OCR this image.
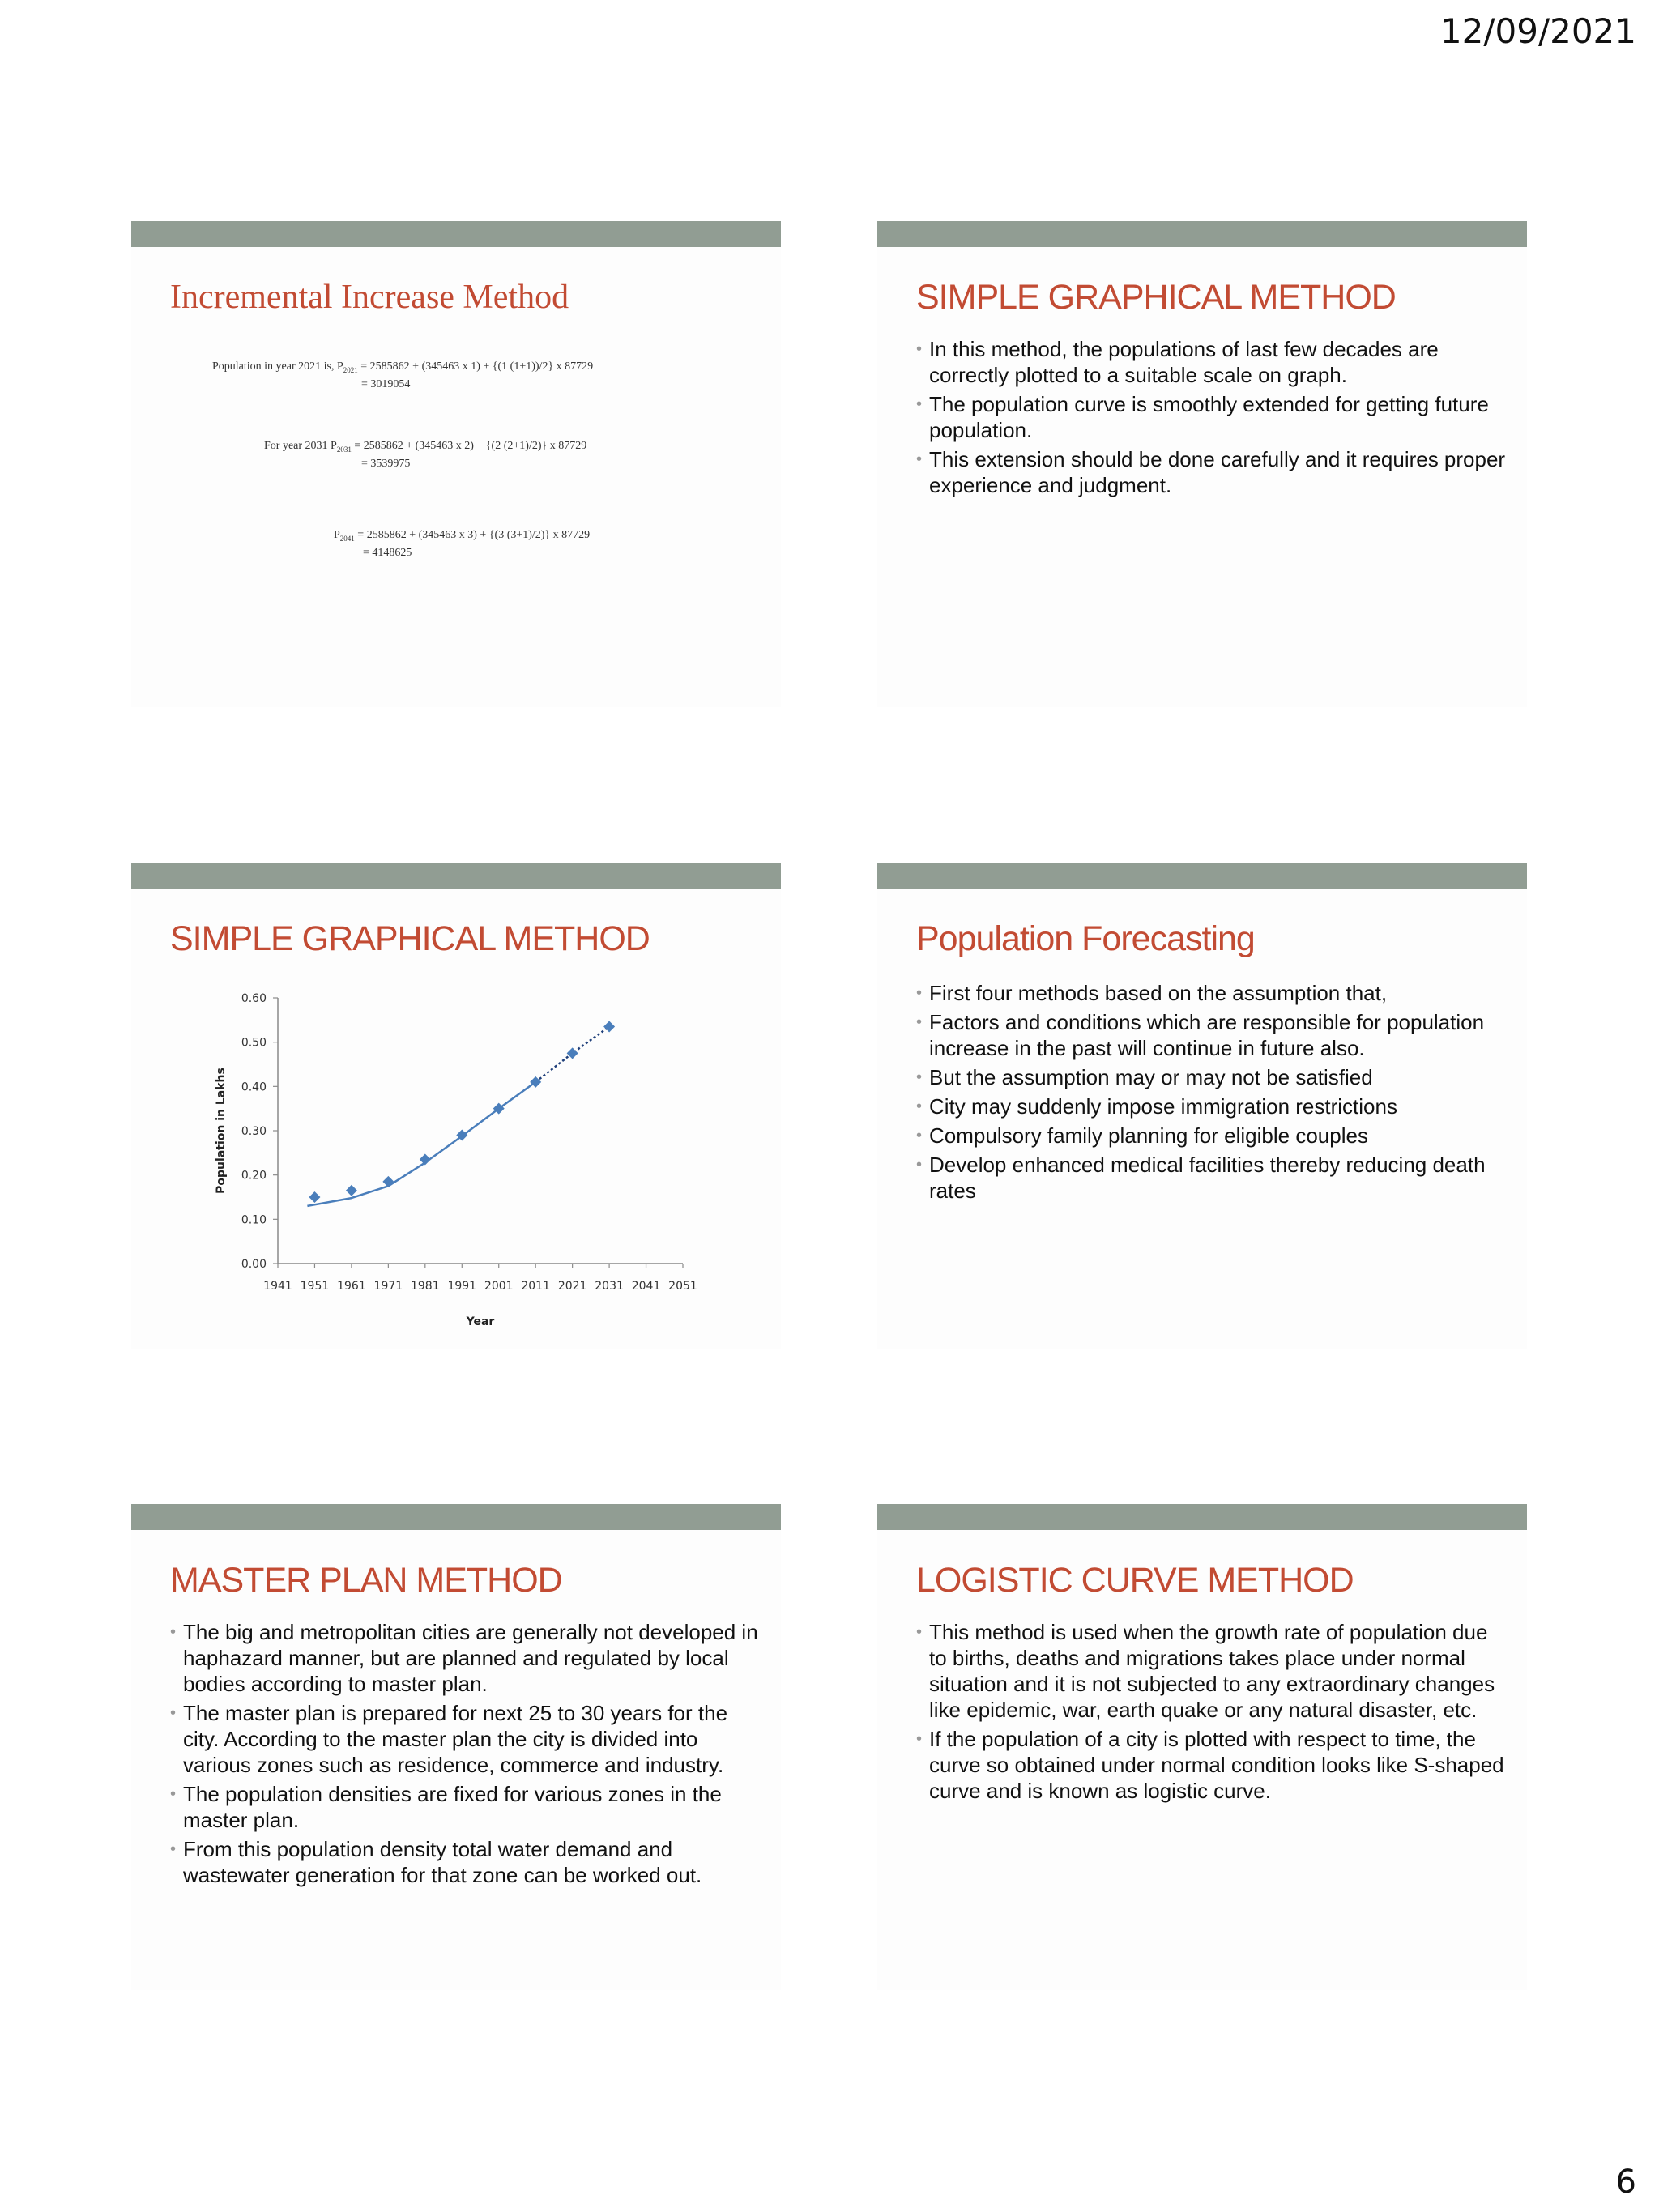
12/09/2021
Incremental Increase Method
Population in year 2021 is, $P_{2021} = 2585862 + (345463$ x 1) + {(1 (1+1))/2} x 87729
= 3019054
For year 2031 $P_{2031} = 2585862 + (345463$ x 2) + {(2 (2+1)/2)} x 87729
= 3539975
$P_{2041} = 2585862 + (345463$ x 3) + {(3 (3+1)/2)} x 87729
= 4148625
SIMPLE GRAPHICAL METHOD
• In this method, the populations of last few decades are correctly plotted to a suitable scale on graph.
• The population curve is smoothly extended for getting future population.
• This extension should be done carefully and it requires proper experience and judgment.
SIMPLE GRAPHICAL METHOD
0.00
0.10
0.20
0.30
0.40
0.50
0.60
1941 1951 1961 1971 1981 1991 2001 2011 2021 2031 2041 2051
Year
Population in Lakhs
Population Forecasting
• First four methods based on the assumption that,
• Factors and conditions which are responsible for population increase in the past will continue in future also.
• But the assumption may or may not be satisfied
• City may suddenly impose immigration restrictions
• Compulsory family planning for eligible couples
• Develop enhanced medical facilities thereby reducing death rates
MASTER PLAN METHOD
• The big and metropolitan cities are generally not developed in haphazard manner, but are planned and regulated by local bodies according to master plan.
• The master plan is prepared for next 25 to 30 years for the city. According to the master plan the city is divided into various zones such as residence, commerce and industry.
• The population densities are fixed for various zones in the master plan.
• From this population density total water demand and wastewater generation for that zone can be worked out.
LOGISTIC CURVE METHOD
• This method is used when the growth rate of population due to births, deaths and migrations takes place under normal situation and it is not subjected to any extraordinary changes like epidemic, war, earth quake or any natural disaster, etc.
• If the population of a city is plotted with respect to time, the curve so obtained under normal condition looks like S-shaped curve and is known as logistic curve.
6
